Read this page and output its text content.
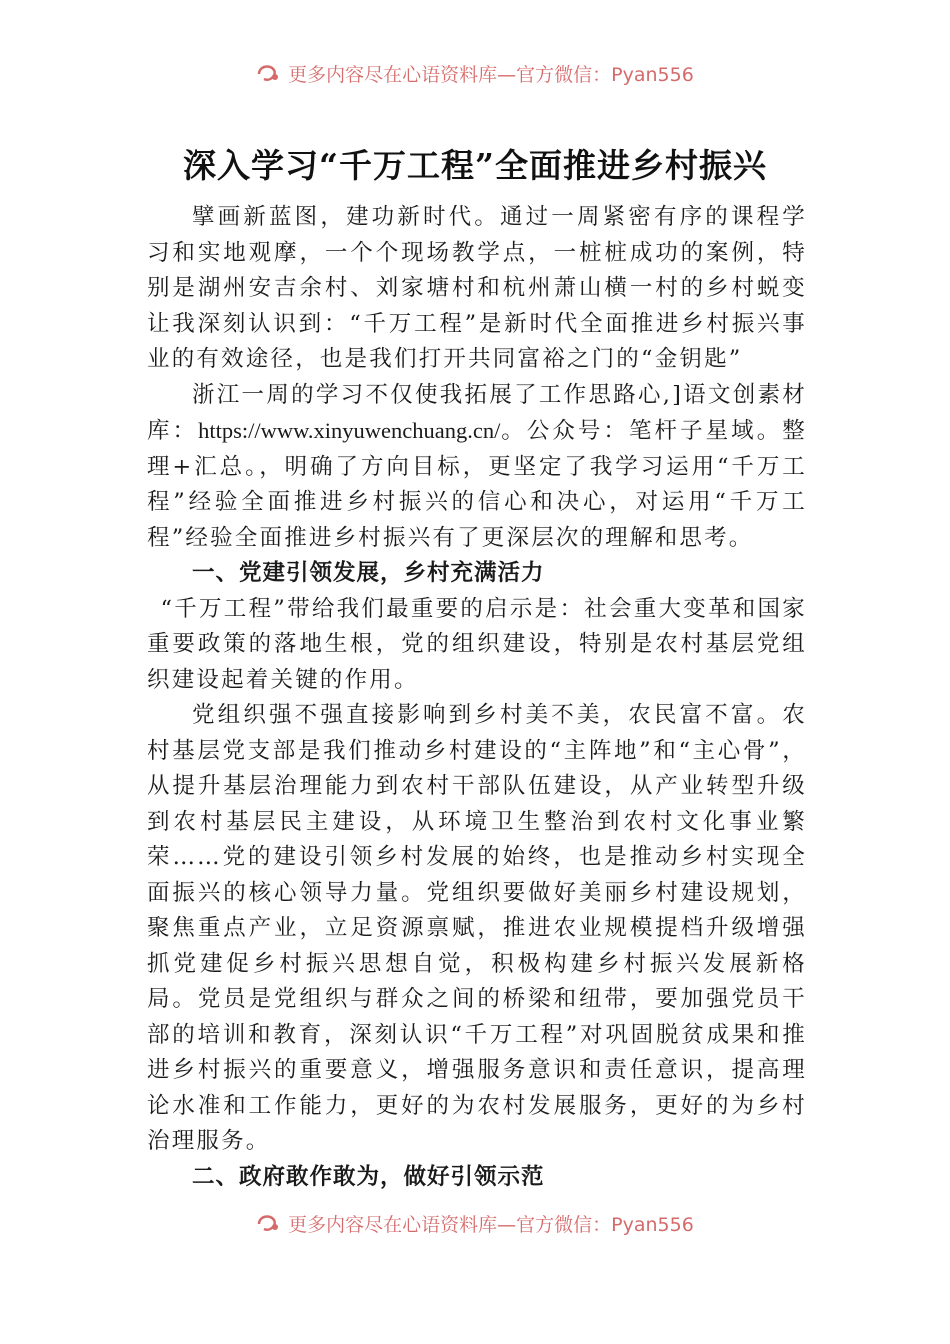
更多内容尽在心语资料库—官方微信：Pyan556
深入学习“千万工程”全面推进乡村振兴

擘画新蓝图，建功新时代。通过一周紧密有序的课程学习和实地观摩，一个个现场教学点，一桩桩成功的案例，特别是湖州安吉余村、刘家塘村和杭州萧山横一村的乡村蜕变让我深刻认识到：“千万工程”是新时代全面推进乡村振兴事业的有效途径，也是我们打开共同富裕之门的“金钥匙”

浙江一周的学习不仅使我拓展了工作思路心,]语文创素材库：https://www.xinyuwenchuang.cn/。公众号：笔杆子星域。整理+汇总。，明确了方向目标，更坚定了我学习运用“千万工程”经验全面推进乡村振兴的信心和决心，对运用“千万工程”经验全面推进乡村振兴有了更深层次的理解和思考。

一、党建引领发展，乡村充满活力

“千万工程”带给我们最重要的启示是：社会重大变革和国家重要政策的落地生根，党的组织建设，特别是农村基层党组织建设起着关键的作用。

党组织强不强直接影响到乡村美不美，农民富不富。农村基层党支部是我们推动乡村建设的“主阵地”和“主心骨”，从提升基层治理能力到农村干部队伍建设，从产业转型升级到农村基层民主建设，从环境卫生整治到农村文化事业繁荣……党的建设引领乡村发展的始终，也是推动乡村实现全面振兴的核心领导力量。党组织要做好美丽乡村建设规划，聚焦重点产业，立足资源禀赋，推进农业规模提档升级增强抓党建促乡村振兴思想自觉，积极构建乡村振兴发展新格局。党员是党组织与群众之间的桥梁和纽带，要加强党员干部的培训和教育，深刻认识“千万工程”对巩固脱贫成果和推进乡村振兴的重要意义，增强服务意识和责任意识，提高理论水准和工作能力，更好的为农村发展服务，更好的为乡村治理服务。

二、政府敢作敢为，做好引领示范

更多内容尽在心语资料库—官方微信：Pyan556
